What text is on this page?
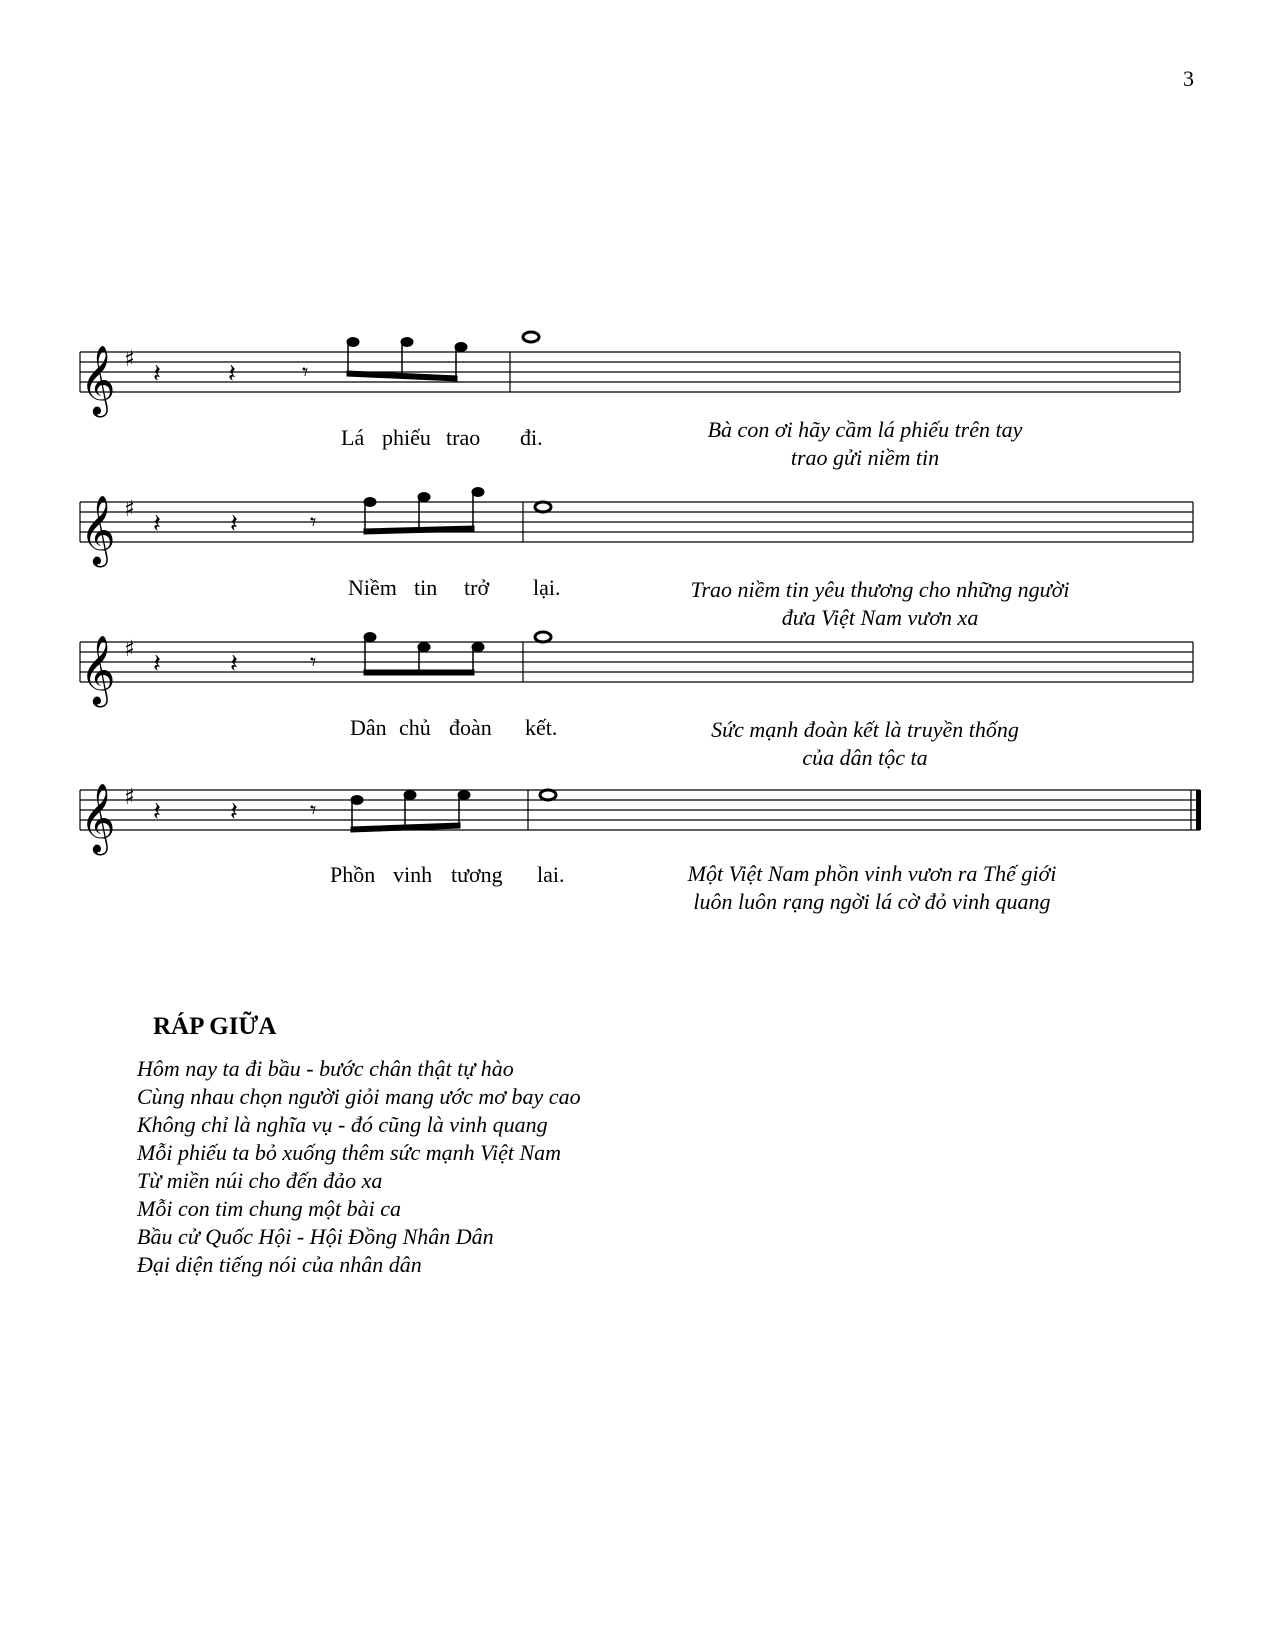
3
𝄞 ♯ 𝄽	𝄽	𝄾
Lá phiếu trao đi.	Bà con ơi hãy cầm lá phiếu trên tay
trao gửi niềm tin
𝄞 ♯ 𝄽	𝄽	𝄾
Niềm tin trở lại.	Trao niềm tin yêu thương cho những người
đưa Việt Nam vươn xa
𝄞 ♯ 𝄽	𝄽	𝄾
Dân chủ đoàn kết.	Sức mạnh đoàn kết là truyền thống
của dân tộc ta
𝄞 ♯ 𝄽	𝄽	𝄾
Phồn vinh tương lai.	Một Việt Nam phồn vinh vươn ra Thế giới
luôn luôn rạng ngời lá cờ đỏ vinh quang
RÁP GIỮA
Hôm nay ta đi bầu - bước chân thật tự hào
Cùng nhau chọn người giỏi mang ước mơ bay cao
Không chỉ là nghĩa vụ - đó cũng là vinh quang
Mỗi phiếu ta bỏ xuống thêm sức mạnh Việt Nam
Từ miền núi cho đến đảo xa
Mỗi con tim chung một bài ca
Bầu cử Quốc Hội - Hội Đồng Nhân Dân
Đại diện tiếng nói của nhân dân
